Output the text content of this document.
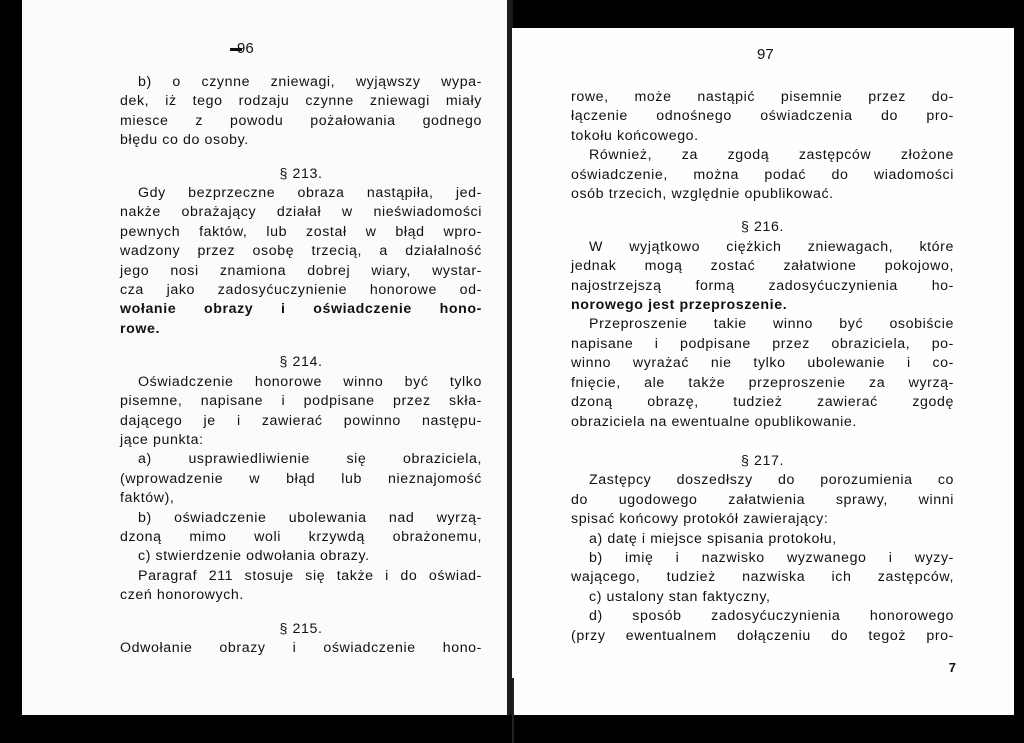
96
b) o czynne zniewagi, wyjąwszy wypa-
dek, iż tego rodzaju czynne zniewagi miały
miesce z powodu pożałowania godnego
błędu co do osoby.
§ 213.
Gdy bezprzeczne obraza nastąpiła, jed-
nakże obrażający działał w nieświadomości
pewnych faktów, lub został w błąd wpro-
wadzony przez osobę trzecią, a działalność
jego nosi znamiona dobrej wiary, wystar-
cza jako zadosyćuczynienie honorowe od-
wołanie obrazy i oświadczenie hono-
rowe.
§ 214.
Oświadczenie honorowe winno być tylko
pisemne, napisane i podpisane przez skła-
dającego je i zawierać powinno następu-
jące punkta:
a) usprawiedliwienie się obraziciela,
(wprowadzenie w błąd lub nieznajomość
faktów),
b) oświadczenie ubolewania nad wyrzą-
dzoną mimo woli krzywdą obrażonemu,
c) stwierdzenie odwołania obrazy.
Paragraf 211 stosuje się także i do oświad-
czeń honorowych.
§ 215.
Odwołanie obrazy i oświadczenie hono-
97
rowe, może nastąpić pisemnie przez do-
łączenie odnośnego oświadczenia do pro-
tokołu końcowego.
Również, za zgodą zastępców złożone
oświadczenie, można podać do wiadomości
osób trzecich, względnie opublikować.
§ 216.
W wyjątkowo ciężkich zniewagach, które
jednak mogą zostać załatwione pokojowo,
najostrzejszą formą zadosyćuczynienia ho-
norowego jest przeproszenie.
Przeproszenie takie winno być osobiście
napisane i podpisane przez obraziciela, po-
winno wyrażać nie tylko ubolewanie i co-
fnięcie, ale także przeproszenie za wyrzą-
dzoną obrazę, tudzież zawierać zgodę
obraziciela na ewentualne opublikowanie.
§ 217.
Zastępcy doszedłszy do porozumienia co
do ugodowego załatwienia sprawy, winni
spisać końcowy protokół zawierający:
a) datę i miejsce spisania protokołu,
b) imię i nazwisko wyzwanego i wyzy-
wającego, tudzież nazwiska ich zastępców,
c) ustalony stan faktyczny,
d) sposób zadosyćuczynienia honorowego
(przy ewentualnem dołączeniu do tegoż pro-
7
